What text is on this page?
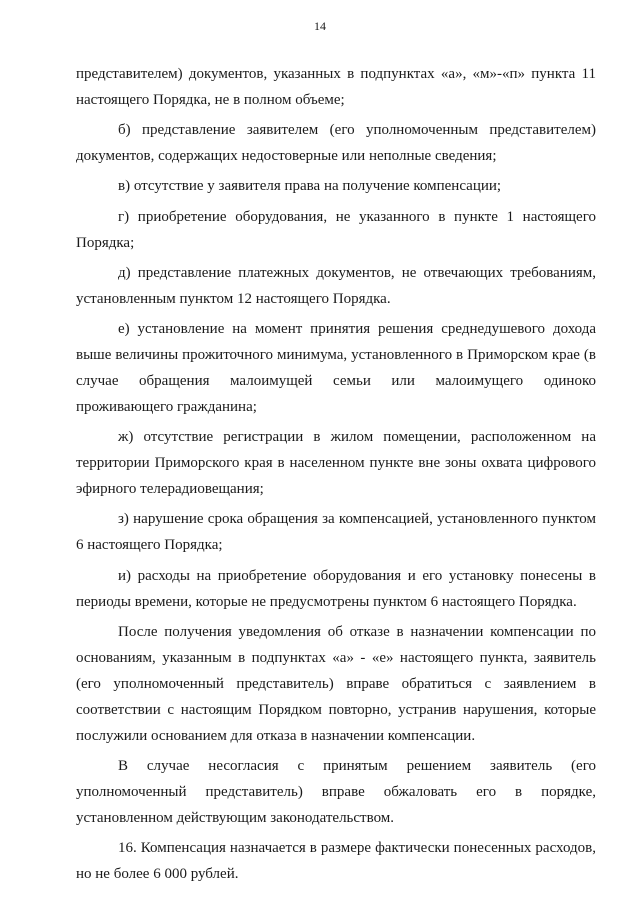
14

представителем) документов, указанных в подпунктах «а», «м»-«п» пункта 11 настоящего Порядка, не в полном объеме;

б) представление заявителем (его уполномоченным представителем) документов, содержащих недостоверные или неполные сведения;

в) отсутствие у заявителя права на получение компенсации;

г) приобретение оборудования, не указанного в пункте 1 настоящего Порядка;

д) представление платежных документов, не отвечающих требованиям, установленным пунктом 12 настоящего Порядка.

е) установление на момент принятия решения среднедушевого дохода выше величины прожиточного минимума, установленного в Приморском крае (в случае обращения малоимущей семьи или малоимущего одиноко проживающего гражданина;

ж) отсутствие регистрации в жилом помещении, расположенном на территории Приморского края в населенном пункте вне зоны охвата цифрового эфирного телерадиовещания;

з) нарушение срока обращения за компенсацией, установленного пунктом 6 настоящего Порядка;

и) расходы на приобретение оборудования и его установку понесены в периоды времени, которые не предусмотрены пунктом 6 настоящего Порядка.

После получения уведомления об отказе в назначении компенсации по основаниям, указанным в подпунктах «а» - «е» настоящего пункта, заявитель (его уполномоченный представитель) вправе обратиться с заявлением в соответствии с настоящим Порядком повторно, устранив нарушения, которые послужили основанием для отказа в назначении компенсации.

В случае несогласия с принятым решением заявитель (его уполномоченный представитель) вправе обжаловать его в порядке, установленном действующим законодательством.

16. Компенсация назначается в размере фактически понесенных расходов, но не более 6 000 рублей.
